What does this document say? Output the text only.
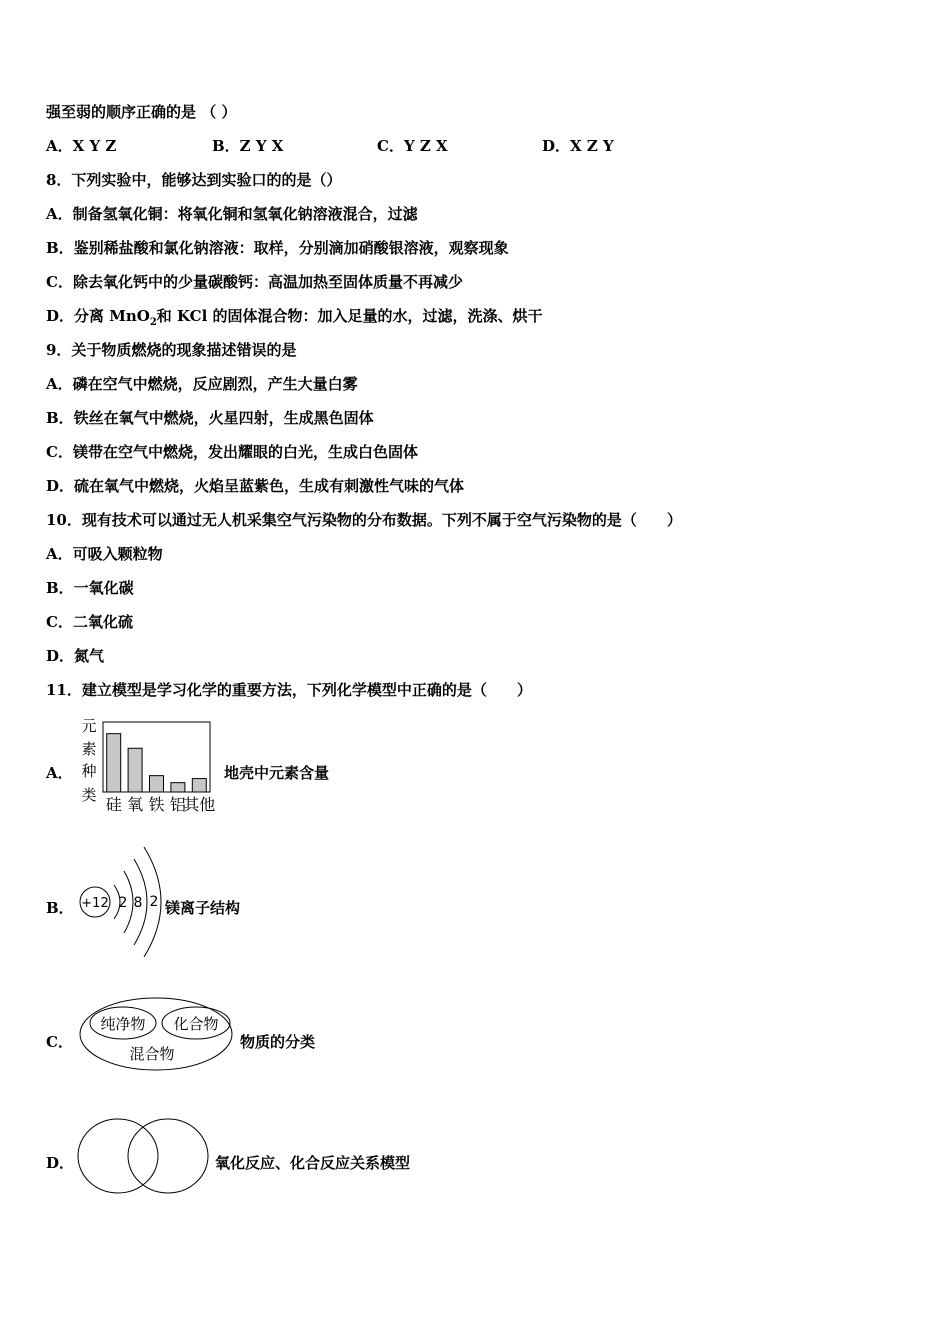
强至弱的顺序正确的是 （ ）
A．X Y Z	B．Z Y X	C．Y Z X	D．X Z Y
8．下列实验中，能够达到实验口的的是（）
A．制备氢氧化铜：将氧化铜和氢氧化钠溶液混合，过滤
B．鉴别稀盐酸和氯化钠溶液：取样，分别滴加硝酸银溶液，观察现象
C．除去氧化钙中的少量碳酸钙：高温加热至固体质量不再减少
D．分离 MnO$_2$和 KCl 的固体混合物：加入足量的水，过滤，洗涤、烘干
9．关于物质燃烧的现象描述错误的是
A．磷在空气中燃烧，反应剧烈，产生大量白雾
B．铁丝在氧气中燃烧，火星四射，生成黑色固体
C．镁带在空气中燃烧，发出耀眼的白光，生成白色固体
D．硫在氧气中燃烧，火焰呈蓝紫色，生成有刺激性气味的气体
10．现有技术可以通过无人机采集空气污染物的分布数据。下列不属于空气污染物的是（　　）
A．可吸入颗粒物
B．一氧化碳
C．二氧化硫
D．氮气
11．建立模型是学习化学的重要方法，下列化学模型中正确的是（　　）
A．
元
素
种
类 硅 氧 铁 铝
其他
地壳中元素含量
B． +12 2 8 2 镁离子结构
C．
纯净物 化合物
混合物
物质的分类
D．	氧化反应、化合反应关系模型
